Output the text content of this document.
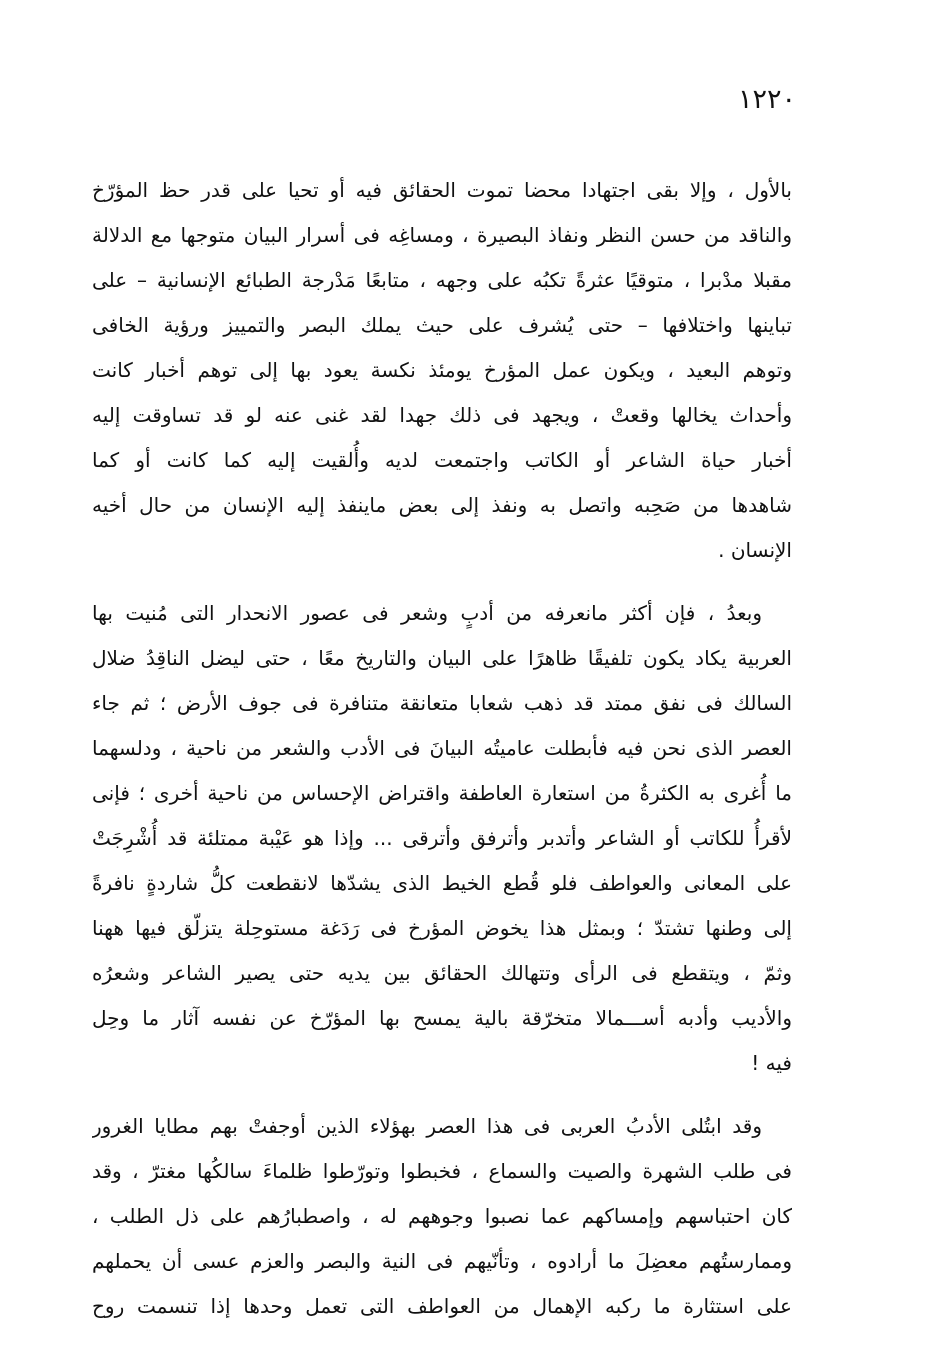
١٢٢٠
بالأول ، وإلا بقى اجتهادا محضا تموت الحقائق فيه أو تحيا على قدر حظ المؤرّخ
والناقد من حسن النظر ونفاذ البصيرة ، ومساغِه فى أسرار البيان متوجها مع الدلالة
مقبلا مدْبرا ، متوقيًا عثرةً تكبُه على وجهه ، متابعًا مَدْرجة الطبائع الإنسانية – على
تباينها واختلافها – حتى يُشرف على حيث يملك البصر والتمييز ورؤية الخافى
وتوهم البعيد ، ويكون عمل المؤرخ يومئذ نكسة يعود بها إلى توهم أخبار كانت
وأحداث يخالها وقعتْ ، ويجهد فى ذلك جهدا لقد غنى عنه لو قد تساوقت إليه
أخبار حياة الشاعر أو الكاتب واجتمعت لديه وأُلقيت إليه كما كانت أو كما
شاهدها من صَحِبه واتصل به ونفذ إلى بعض ماينفذ إليه الإنسان من حال أخيه
الإنسان .
وبعدُ ، فإن أكثر مانعرفه من أدبٍ وشعر فى عصور الانحدار التى مُنيت بها
العربية يكاد يكون تلفيقًا ظاهرًا على البيان والتاريخ معًا ، حتى ليضل الناقِدُ ضلال
السالك فى نفق ممتد قد ذهب شعابا متعانقة متنافرة فى جوف الأرض ؛ ثم جاء
العصر الذى نحن فيه فأبطلت عاميتُه البيانَ فى الأدب والشعر من ناحية ، ودلسهما
ما أُغرى به الكثرةُ من استعارة العاطفة واقتراض الإحساس من ناحية أخرى ؛ فإنى
لأقرأُ للكاتب أو الشاعر وأتدبر وأترفق وأترقى ... وإذا هو عَيْبة ممتلئة قد أُشْرِجَتْ
على المعانى والعواطف فلو قُطع الخيط الذى يشدّها لانقطعت كلُّ شاردةٍ نافرةً
إلى وطنها تشتدّ ؛ وبمثل هذا يخوض المؤرخ فى رَدَغة مستوحِلة يتزلّق فيها ههنا
وثمّ ، ويتقطع فى الرأى وتتهالك الحقائق بين يديه حتى يصير الشاعر وشعرُه
والأديب وأدبه أســـمالا متخرّقة بالية يمسح بها المؤرّخ عن نفسه آثار ما وحِل
فيه !
وقد ابتُلى الأدبُ العربى فى هذا العصر بهؤلاء الذين أوجفتْ بهم مطايا الغرور
فى طلب الشهرة والصيت والسماع ، فخبطوا وتورّطوا ظلماءَ سالكُها مغترّ ، وقد
كان احتباسهم وإمساكهم عما نصبوا وجوههم له ، واصطبارُهم على ذل الطلب ،
وممارستُهم معضِلَ ما أرادوه ، وتأنّيهم فى النية والبصر والعزم عسى أن يحملهم
على استثارة ما ركبه الإهمال من العواطف التى تعمل وحدها إذا تنسمت روح
